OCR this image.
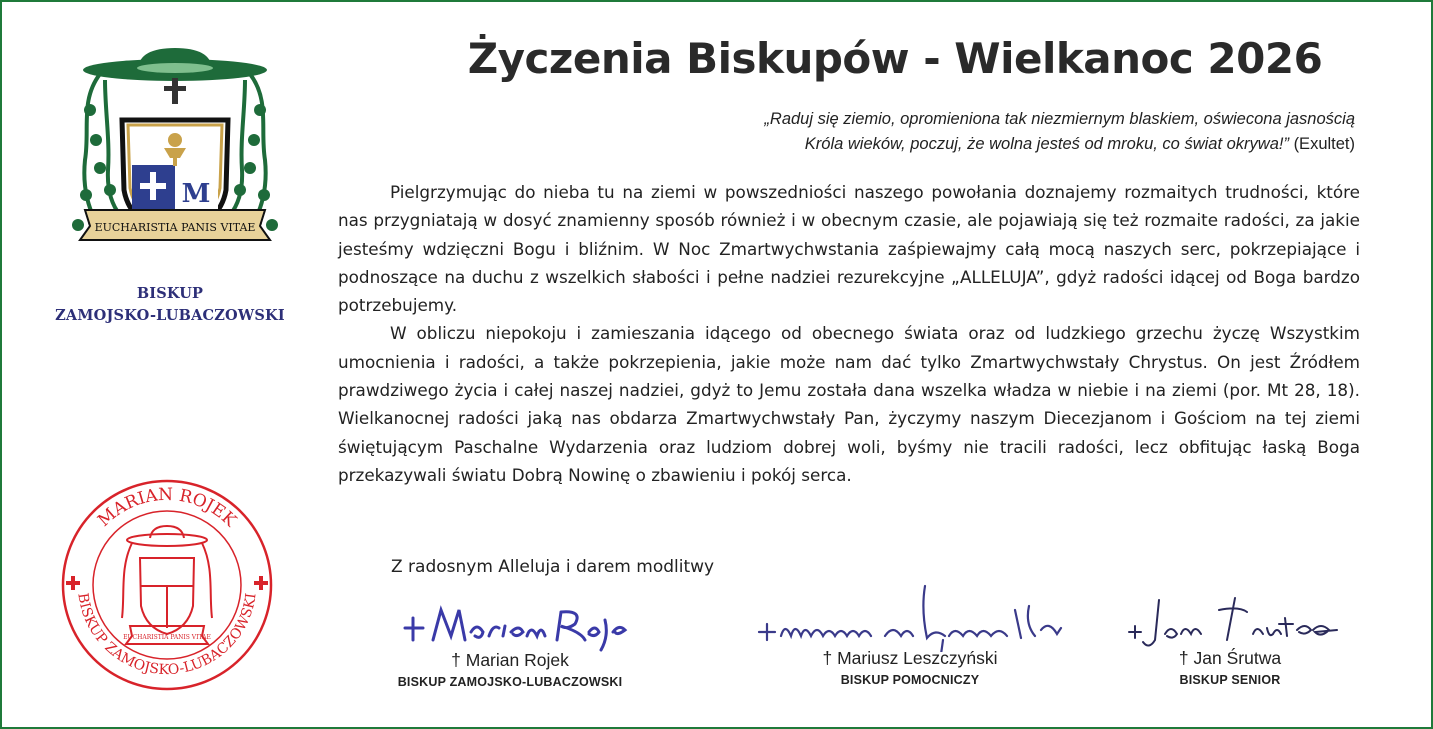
M
EUCHARISTIA PANIS VITAE
BISKUP
ZAMOJSKO-LUBACZOWSKI
MARIAN ROJEK
BISKUP ZAMOJSKO-LUBACZOWSKI
EUCHARISTIA PANIS VITAE
Życzenia Biskupów - Wielkanoc 2026
„Raduj się ziemio, opromieniona tak niezmiernym blaskiem, oświecona jasnością
Króla wieków, poczuj, że wolna jesteś od mroku, co świat okrywa!” (Exultet)

Pielgrzymując do nieba tu na ziemi w powszedniości naszego powołania doznajemy rozmaitych trudności, które nas przygniatają w dosyć znamienny sposób również i w obecnym czasie, ale pojawiają się też rozmaite radości, za jakie jesteśmy wdzięczni Bogu i bliźnim. W Noc Zmartwychwstania zaśpiewajmy całą mocą naszych serc, pokrzepiające i podnoszące na duchu z wszelkich słabości i pełne nadziei rezurekcyjne „ALLELUJA”, gdyż radości idącej od Boga bardzo potrzebujemy.

W obliczu niepokoju i zamieszania idącego od obecnego świata oraz od ludzkiego grzechu życzę Wszystkim umocnienia i radości, a także pokrzepienia, jakie może nam dać tylko Zmartwychwstały Chrystus. On jest Źródłem prawdziwego życia i całej naszej nadziei, gdyż to Jemu została dana wszelka władza w niebie i na ziemi (por. Mt 28, 18). Wielkanocnej radości jaką nas obdarza Zmartwychwstały Pan, życzymy naszym Diecezjanom i Gościom na tej ziemi świętującym Paschalne Wydarzenia oraz ludziom dobrej woli, byśmy nie tracili radości, lecz obfitując łaską Boga przekazywali światu Dobrą Nowinę o zbawieniu i pokój serca.

Z radosnym Alleluja i darem modlitwy
† Marian Rojek
BISKUP ZAMOJSKO-LUBACZOWSKI
† Mariusz Leszczyński
BISKUP POMOCNICZY
† Jan Śrutwa
BISKUP SENIOR
